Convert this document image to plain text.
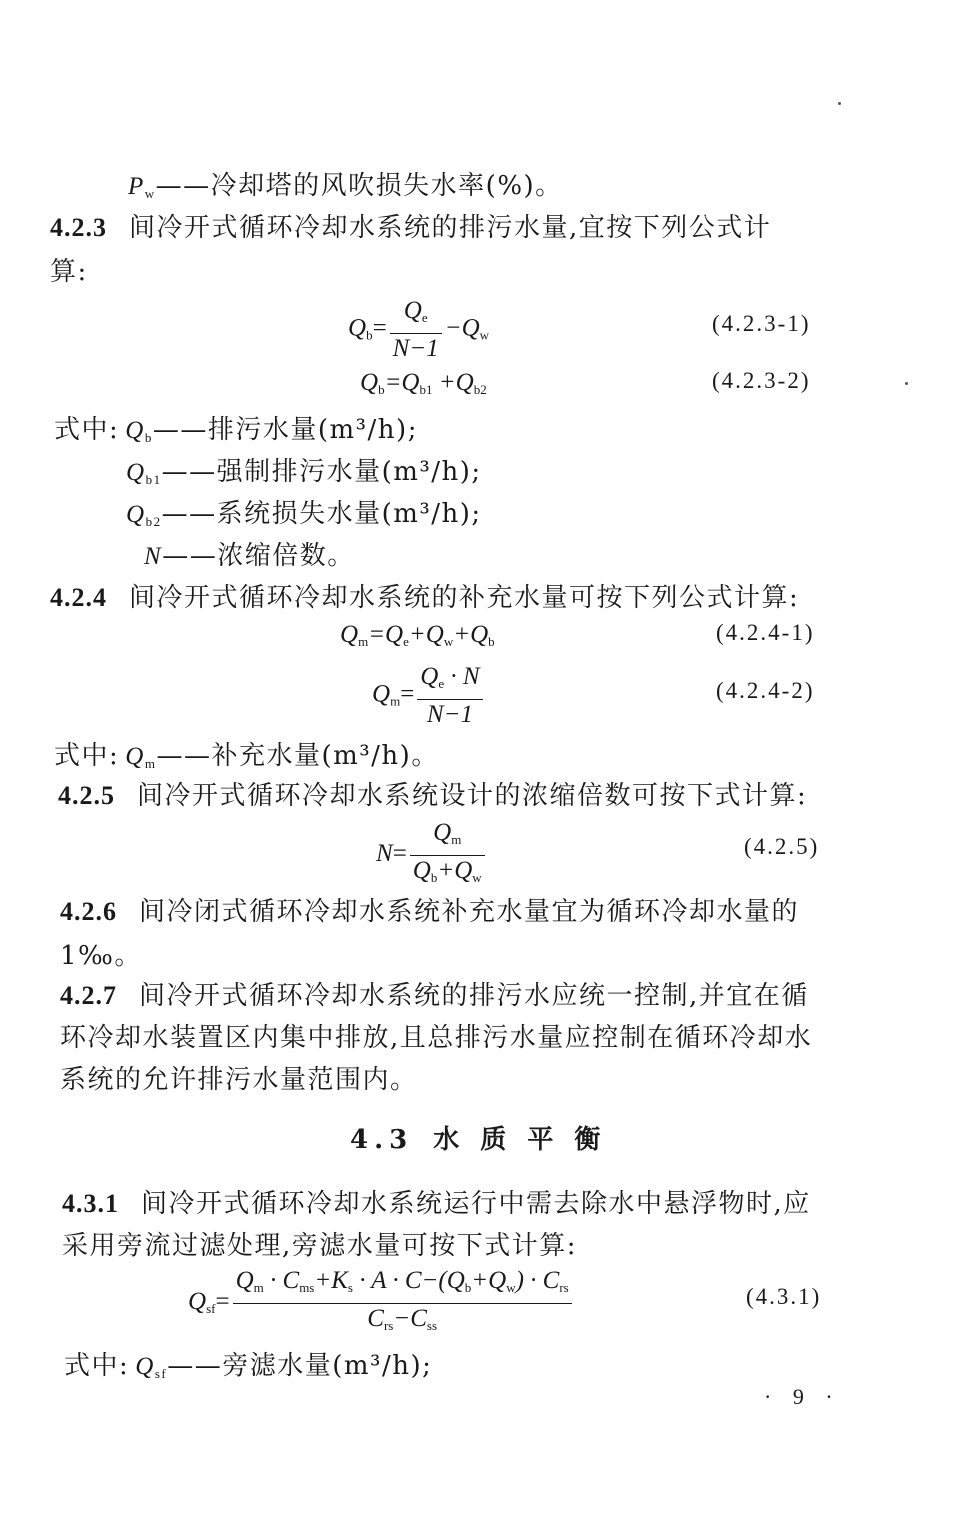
$P_w——$冷却塔的风吹损失水率(%)。
4.2.3 间冷开式循环冷却水系统的排污水量,宜按下列公式计
算:
$Q_b= \frac{Q_e}{N-1} -Q_w$	(4.2.3-1)
$Q_b=Q_{b1} +Q_{b2}$	(4.2.3-2)
式中: $Q_b——$排污水量(m³/h);
$Q_{b1}——$强制排污水量(m³/h);
$Q_{b2}——$系统损失水量(m³/h);
N——浓缩倍数。
4.2.4 间冷开式循环冷却水系统的补充水量可按下列公式计算:
$Q_m=Q_e+Q_w+Q_b$	(4.2.4-1)
$Q_m= \frac{Q_e \cdot N}{N-1}$	(4.2.4-2)
式中: $Q_m——$补充水量(m³/h)。
4.2.5 间冷开式循环冷却水系统设计的浓缩倍数可按下式计算:
$N= \frac{Q_m}{Q_b+Q_w}$	(4.2.5)
4.2.6 间冷闭式循环冷却水系统补充水量宜为循环冷却水量的
1‰。
4.2.7 间冷开式循环冷却水系统的排污水应统一控制,并宜在循
环冷却水装置区内集中排放,且总排污水量应控制在循环冷却水
系统的允许排污水量范围内。
4.3 水 质 平 衡
4.3.1 间冷开式循环冷却水系统运行中需去除水中悬浮物时,应
采用旁流过滤处理,旁滤水量可按下式计算:
$Q_{sf}= \frac{Q_m \cdot C_{ms}+K_s \cdot A \cdot C-(Q_b+Q_w) \cdot C_{rs}}{C_{rs}-C_{ss}}$	(4.3.1)
式中: $Q_{sf}——$旁滤水量(m³/h);
· 9 ·
